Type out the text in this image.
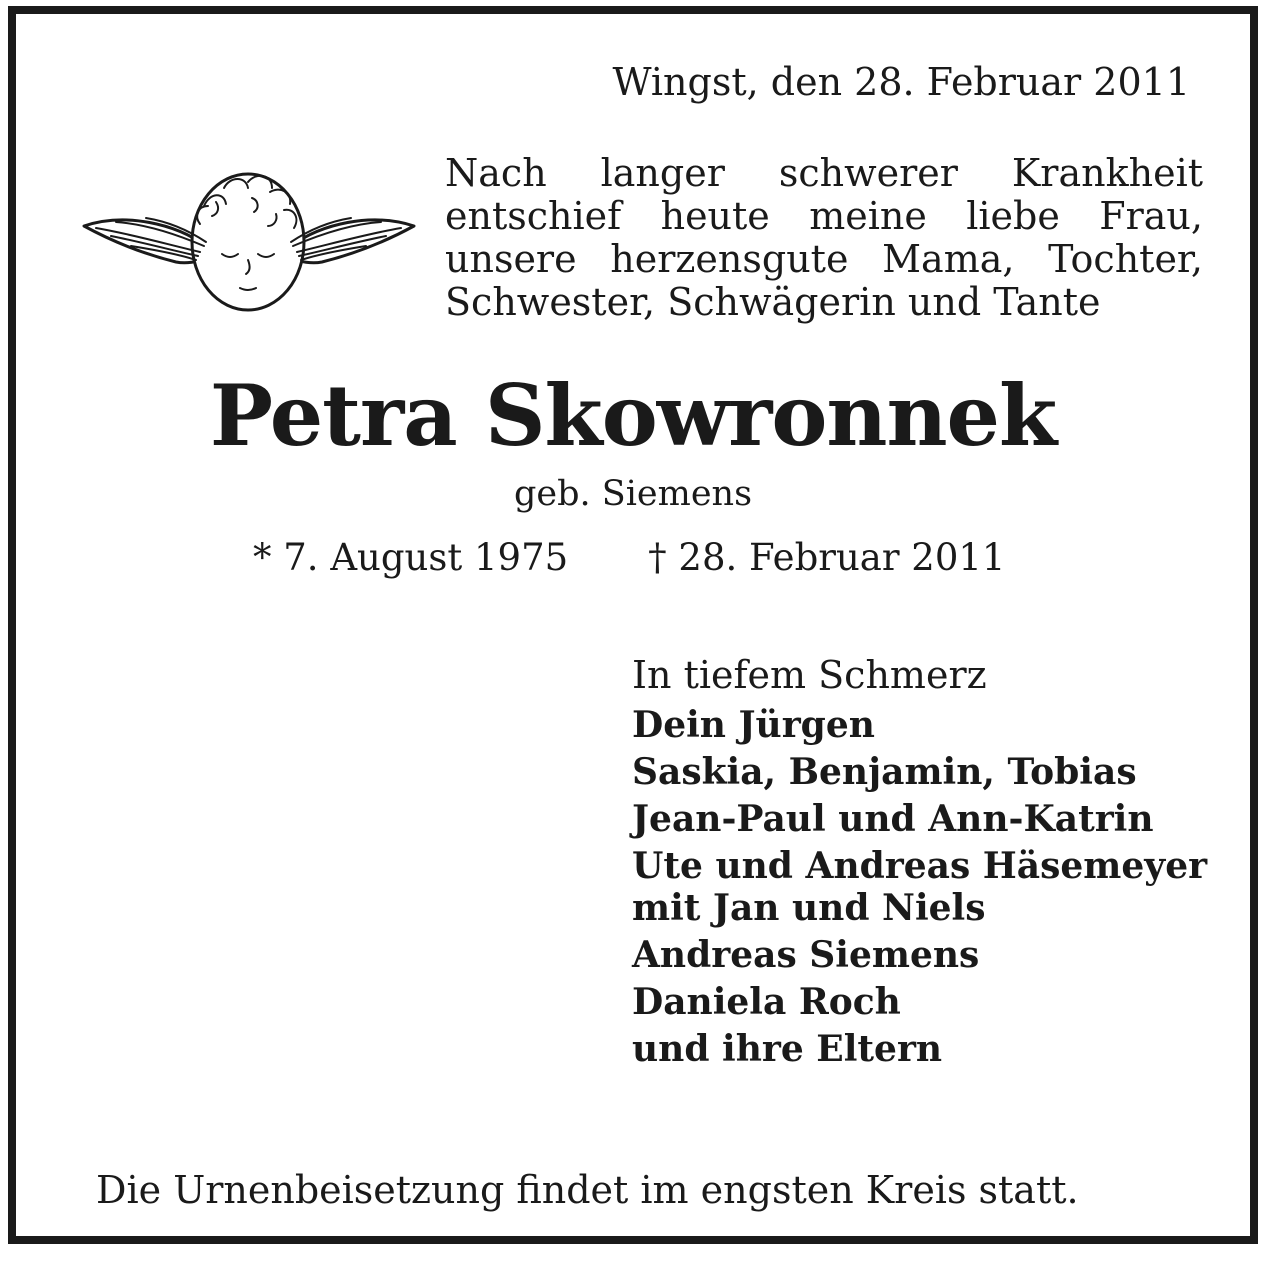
Wingst, den 28. Februar 2011
Nach langer schwerer Krankheit
entschief heute meine liebe Frau,
unsere herzensgute Mama, Tochter,
Schwester, Schwägerin und Tante
Petra Skowronnek
geb. Siemens
* 7. August 1975 † 28. Februar 2011
In tiefem Schmerz
Dein Jürgen
Saskia, Benjamin, Tobias
Jean-Paul und Ann-Katrin
Ute und Andreas Häsemeyer
mit Jan und Niels
Andreas Siemens
Daniela Roch
und ihre Eltern
Die Urnenbeisetzung findet im engsten Kreis statt.
